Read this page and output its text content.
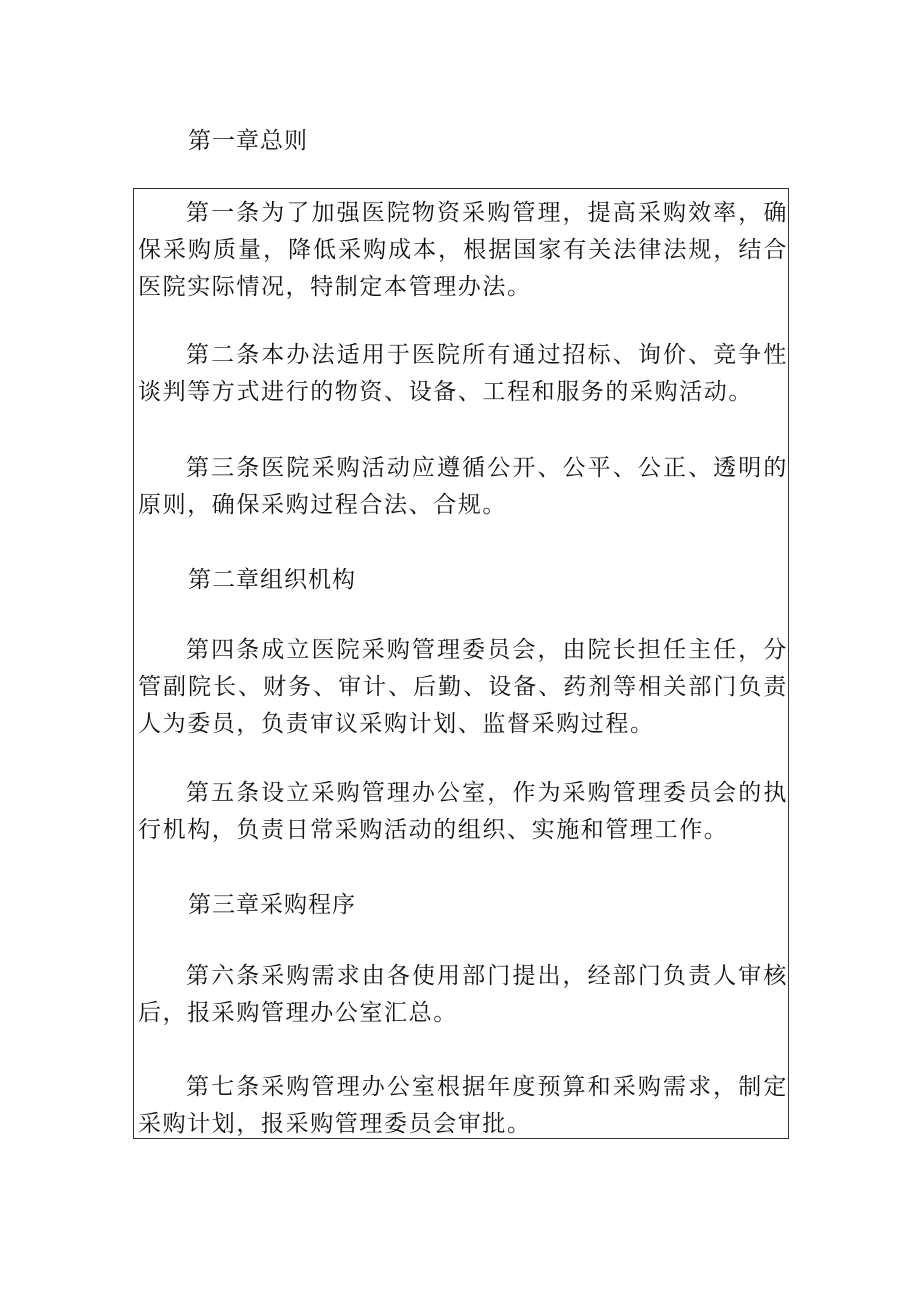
第一章总则

第一条为了加强医院物资采购管理，提高采购效率，确保采购质量，降低采购成本，根据国家有关法律法规，结合医院实际情况，特制定本管理办法。

第二条本办法适用于医院所有通过招标、询价、竞争性谈判等方式进行的物资、设备、工程和服务的采购活动。

第三条医院采购活动应遵循公开、公平、公正、透明的原则，确保采购过程合法、合规。

第二章组织机构

第四条成立医院采购管理委员会，由院长担任主任，分管副院长、财务、审计、后勤、设备、药剂等相关部门负责人为委员，负责审议采购计划、监督采购过程。

第五条设立采购管理办公室，作为采购管理委员会的执行机构，负责日常采购活动的组织、实施和管理工作。

第三章采购程序

第六条采购需求由各使用部门提出，经部门负责人审核后，报采购管理办公室汇总。

第七条采购管理办公室根据年度预算和采购需求，制定采购计划，报采购管理委员会审批。
